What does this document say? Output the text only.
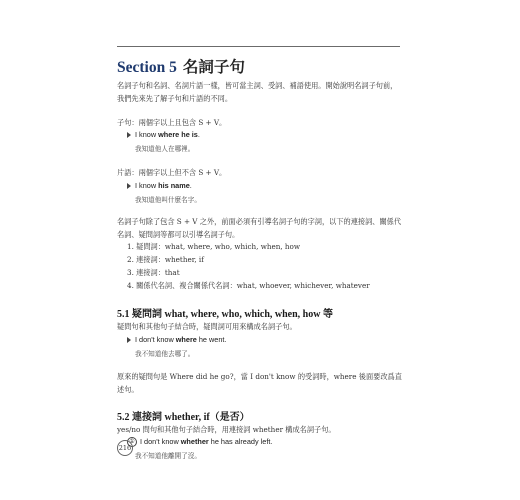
Section 5 名詞子句
名詞子句和名詞、名詞片語一樣，皆可當主詞、受詞、補語使用。開始說明名詞子句前，我們先來先了解子句和片語的不同。
子句：兩個字以上且包含 S + V。
I know where he is.
我知道他人在哪裡。
片語：兩個字以上但不含 S + V。
I know his name.
我知道他叫什麼名字。
名詞子句除了包含 S + V 之外，前面必須有引導名詞子句的字詞，以下的連接詞、關係代名詞、疑問詞等都可以引導名詞子句。
1. 疑問詞：what, where, who, which, when, how
2. 連接詞：whether, if
3. 連接詞：that
4. 關係代名詞、複合關係代名詞：what, whoever, whichever, whatever
5.1 疑問詞 what, where, who, which, when, how 等
疑問句和其他句子結合時，疑問詞可用來構成名詞子句。
I don't know where he went.
我不知道他去哪了。
原來的疑問句是 Where did he go?，當 I don't know 的受詞時，where 後面要改爲直述句。
5.2 連接詞 whether, if（是否）
yes/no 問句和其他句子結合時，用連接詞 whether 構成名詞子句。
① I don't know whether he has already left.
我不知道他離開了沒。
216
